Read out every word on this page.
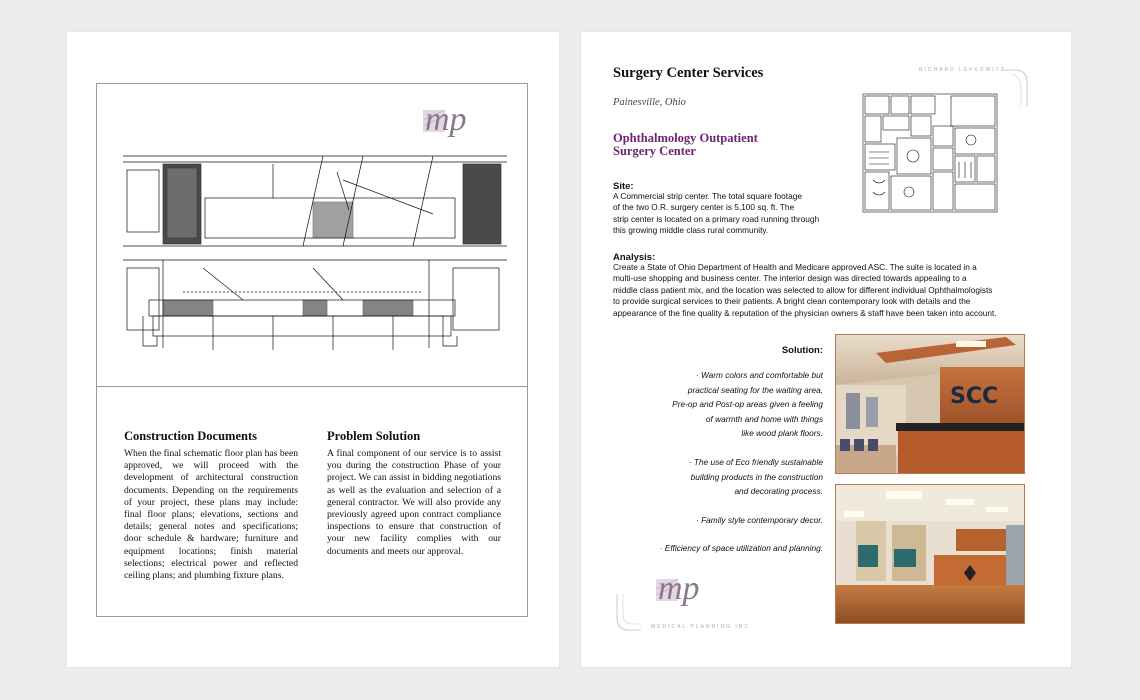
mp
Construction Documents
When the final schematic floor plan has been approved, we will proceed with the development of architectural construction documents. Depending on the requirements of your project, these plans may include: final floor plans; elevations, sections and details; general notes and specifications; door schedule & hardware; furniture and equipment locations; finish material selections; electrical power and reflected ceiling plans; and plumbing fixture plans.
Problem Solution
A final component of our service is to assist you during the construction Phase of your project. We can assist in bidding negotiations as well as the evaluation and selection of a general contractor. We will also provide any previously agreed upon contract compliance inspections to ensure that construction of your new facility complies with our documents and meets our approval.
Surgery Center Services
Painesville, Ohio
Ophthalmology Outpatient
Surgery Center
RICHARD LEFKOWITZ
Site:
A Commercial strip center. The total square footage
of the two O.R. surgery center is 5,100 sq. ft. The
strip center is located on a primary road running through
this growing middle class rural community.
Analysis:
Create a State of Ohio Department of Health and Medicare approved ASC. The suite is located in a
multi-use shopping and business center. The interior design was directed towards appealing to a
middle class patient mix, and the location was selected to allow for different individual Ophthalmologists
to provide surgical services to their patients. A bright clean contemporary look with details and the
appearance of the fine quality & reputation of the physician owners & staff have been taken into account.
Solution:
· Warm colors and comfortable but
practical seating for the waiting area,
Pre-op and Post-op areas given a feeling
of warmth and home with things
like wood plank floors.
· The use of Eco friendly sustainable
building products in the construction
and decorating process.
· Family style contemporary decor.
· Efficiency of space utilization and planning.
SCC
mp
MEDICAL PLANNING INC
